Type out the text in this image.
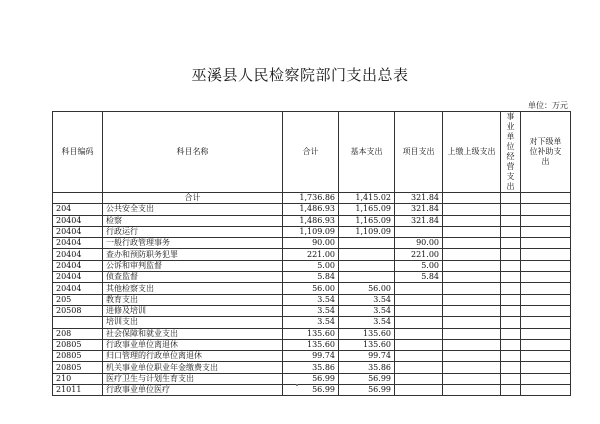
巫溪县人民检察院部门支出总表
单位：万元
科目编码	科目名称	合计	基本支出	项目支出	上缴上级支出	事业单位经营支出	对下级单位补助支出
	合计	1,736.86	1,415.02	321.84			
204	公共安全支出	1,486.93	1,165.09	321.84			
20404	检察	1,486.93	1,165.09	321.84			
20404	行政运行	1,109.09	1,109.09				
20404	一般行政管理事务	90.00		90.00			
20404	查办和预防职务犯罪	221.00		221.00			
20404	公诉和审判监督	5.00		5.00			
20404	侦查监督	5.84		5.84			
20404	其他检察支出	56.00	56.00				
205	教育支出	3.54	3.54				
20508	进修及培训	3.54	3.54				
	培训支出	3.54	3.54				
208	社会保障和就业支出	135.60	135.60				
20805	行政事业单位离退休	135.60	135.60				
20805	归口管理的行政单位离退休	99.74	99.74				
20805	机关事业单位职业年金缴费支出	35.86	35.86				
210	医疗卫生与计划生育支出	56.99	56.99				
21011	行政事业单位医疗	56.99	56.99				
